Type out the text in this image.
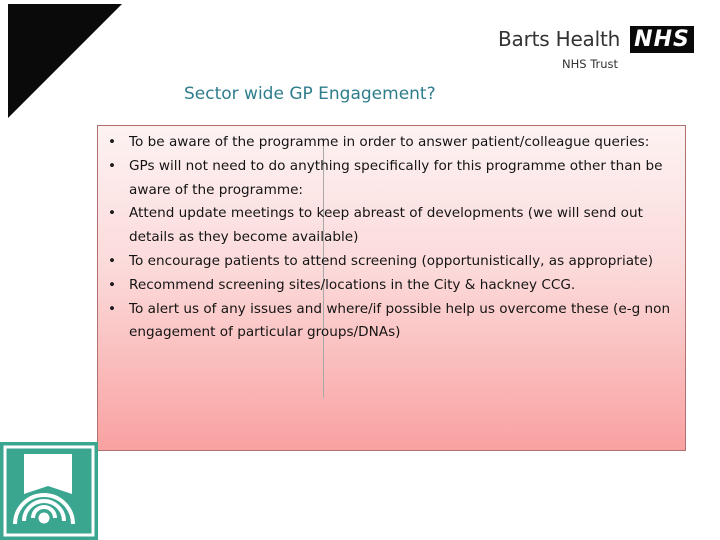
Barts Health NHS
NHS Trust
Sector wide GP Engagement?
• To be aware of the programme in order to answer patient/colleague queries:
• GPs will not need to do anything specifically for this programme other than be aware of the programme:
• Attend update meetings to keep abreast of developments (we will send out details as they become available)
• To encourage patients to attend screening (opportunistically, as appropriate)
• Recommend screening sites/locations in the City & hackney CCG.
• To alert us of any issues and where/if possible help us overcome these (e-g non engagement of particular groups/DNAs)
